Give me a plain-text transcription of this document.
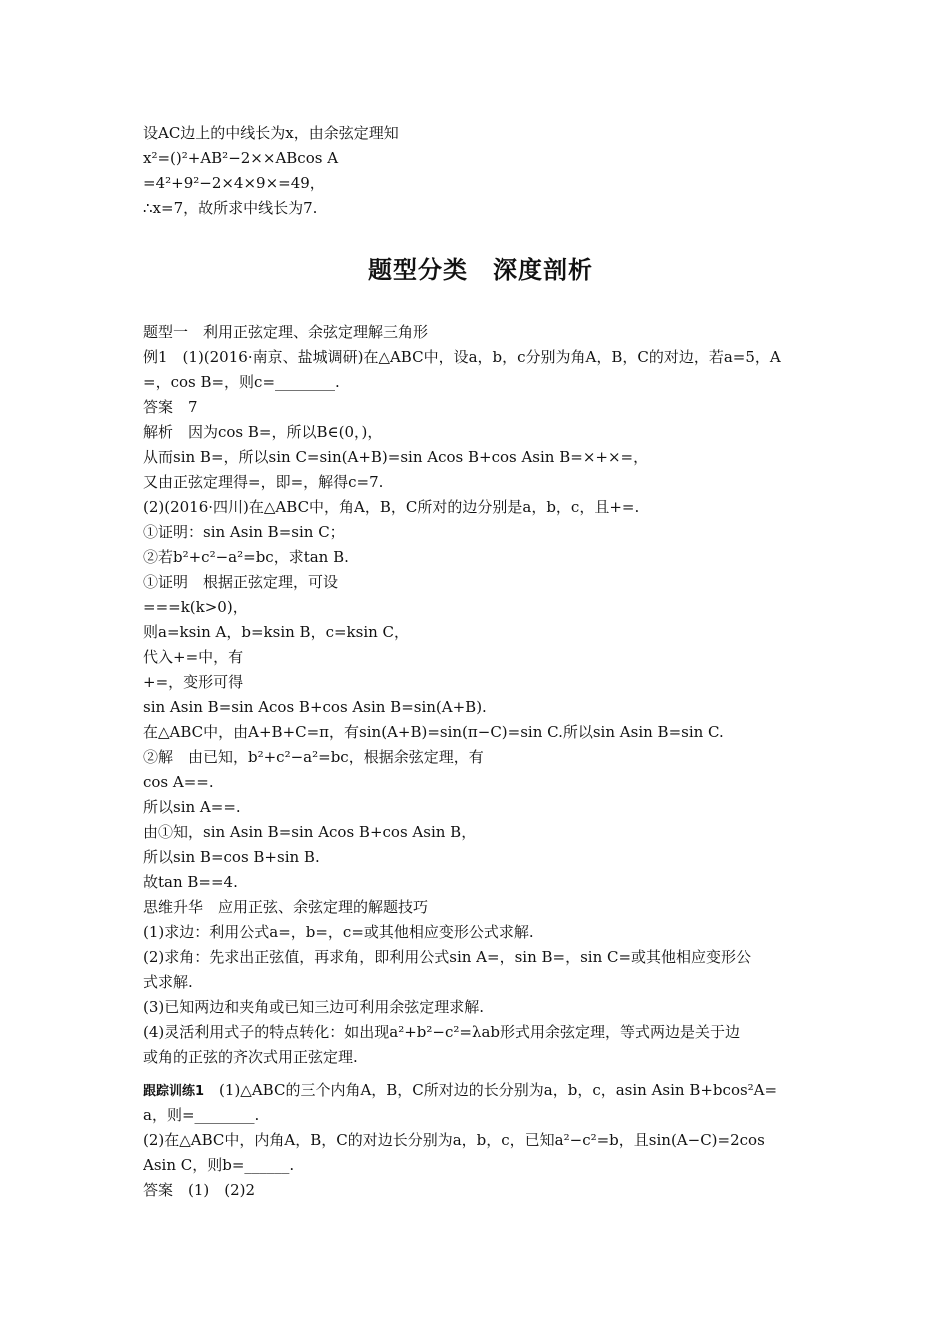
设AC边上的中线长为x，由余弦定理知
x²=()²+AB²−2××ABcos A
=4²+9²−2×4×9×=49，
∴x=7，故所求中线长为7.
题型分类　深度剖析
题型一　利用正弦定理、余弦定理解三角形
例1　(1)(2016·南京、盐城调研)在△ABC中，设a，b，c分别为角A，B，C的对边，若a=5，A
=，cos B=，则c=________.
答案　7
解析　因为cos B=，所以B∈(0，)，
从而sin B=，所以sin C=sin(A+B)=sin Acos B+cos Asin B=×+×=，
又由正弦定理得=，即=，解得c=7.
(2)(2016·四川)在△ABC中，角A，B，C所对的边分别是a，b，c，且+=.
①证明：sin Asin B=sin C；
②若b²+c²−a²=bc，求tan B.
①证明　根据正弦定理，可设
===k(k>0)，
则a=ksin A，b=ksin B，c=ksin C，
代入+=中，有
+=，变形可得
sin Asin B=sin Acos B+cos Asin B=sin(A+B).
在△ABC中，由A+B+C=π，有sin(A+B)=sin(π−C)=sin C.所以sin Asin B=sin C.
②解　由已知，b²+c²−a²=bc，根据余弦定理，有
cos A==.
所以sin A==.
由①知，sin Asin B=sin Acos B+cos Asin B，
所以sin B=cos B+sin B.
故tan B==4.
思维升华　应用正弦、余弦定理的解题技巧
(1)求边：利用公式a=，b=，c=或其他相应变形公式求解.
(2)求角：先求出正弦值，再求角，即利用公式sin A=，sin B=，sin C=或其他相应变形公
式求解.
(3)已知两边和夹角或已知三边可利用余弦定理求解.
(4)灵活利用式子的特点转化：如出现a²+b²−c²=λab形式用余弦定理，等式两边是关于边
或角的正弦的齐次式用正弦定理.
跟踪训练1　(1)△ABC的三个内角A，B，C所对边的长分别为a，b，c，asin Asin B+bcos²A=
a，则=________.
(2)在△ABC中，内角A，B，C的对边长分别为a，b，c，已知a²−c²=b，且sin(A−C)=2cos
Asin C，则b=______.
答案　(1)　(2)2
